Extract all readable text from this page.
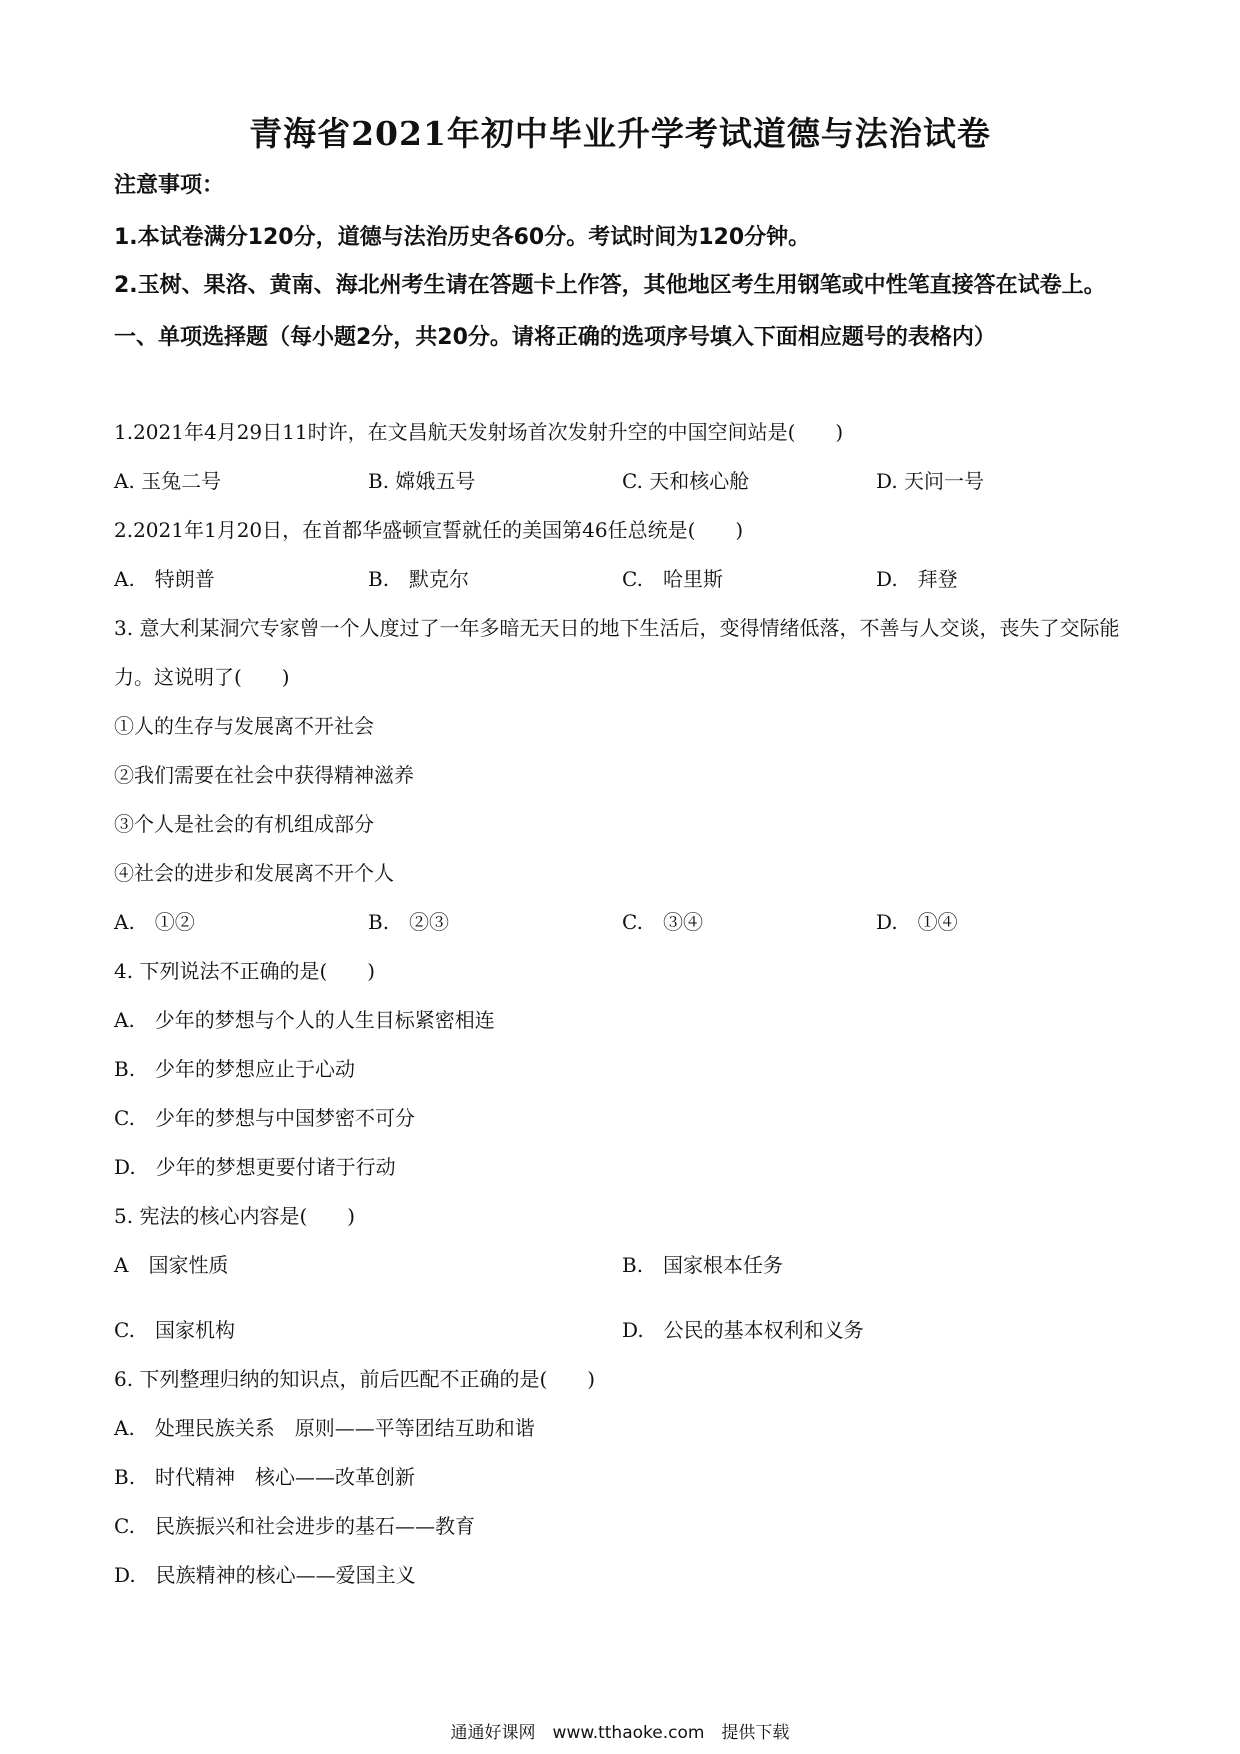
青海省2021年初中毕业升学考试道德与法治试卷
注意事项：
1.本试卷满分120分，道德与法治历史各60分。考试时间为120分钟。
2.玉树、果洛、黄南、海北州考生请在答题卡上作答，其他地区考生用钢笔或中性笔直接答在试卷上。
一、单项选择题（每小题2分，共20分。请将正确的选项序号填入下面相应题号的表格内）
1.2021年4月29日11时许，在文昌航天发射场首次发射升空的中国空间站是(　　)
A. 玉兔二号	B. 嫦娥五号	C. 天和核心舱	D. 天问一号
2.2021年1月20日，在首都华盛顿宣誓就任的美国第46任总统是(　　)
A.　特朗普	B.　默克尔	C.　哈里斯	D.　拜登
3. 意大利某洞穴专家曾一个人度过了一年多暗无天日的地下生活后，变得情绪低落，不善与人交谈，丧失了交际能力。这说明了(　　)
①人的生存与发展离不开社会
②我们需要在社会中获得精神滋养
③个人是社会的有机组成部分
④社会的进步和发展离不开个人
A.　①②	B.　②③	C.　③④	D.　①④
4. 下列说法不正确的是(　　)
A.　少年的梦想与个人的人生目标紧密相连
B.　少年的梦想应止于心动
C.　少年的梦想与中国梦密不可分
D.　少年的梦想更要付诸于行动
5. 宪法的核心内容是(　　)
A　国家性质	B.　国家根本任务
C.　国家机构	D.　公民的基本权利和义务
6. 下列整理归纳的知识点，前后匹配不正确的是(　　)
A.　处理民族关系　原则——平等团结互助和谐
B.　时代精神　核心——改革创新
C.　民族振兴和社会进步的基石——教育
D.　民族精神的核心——爱国主义
通通好课网　www.tthaoke.com　提供下载
